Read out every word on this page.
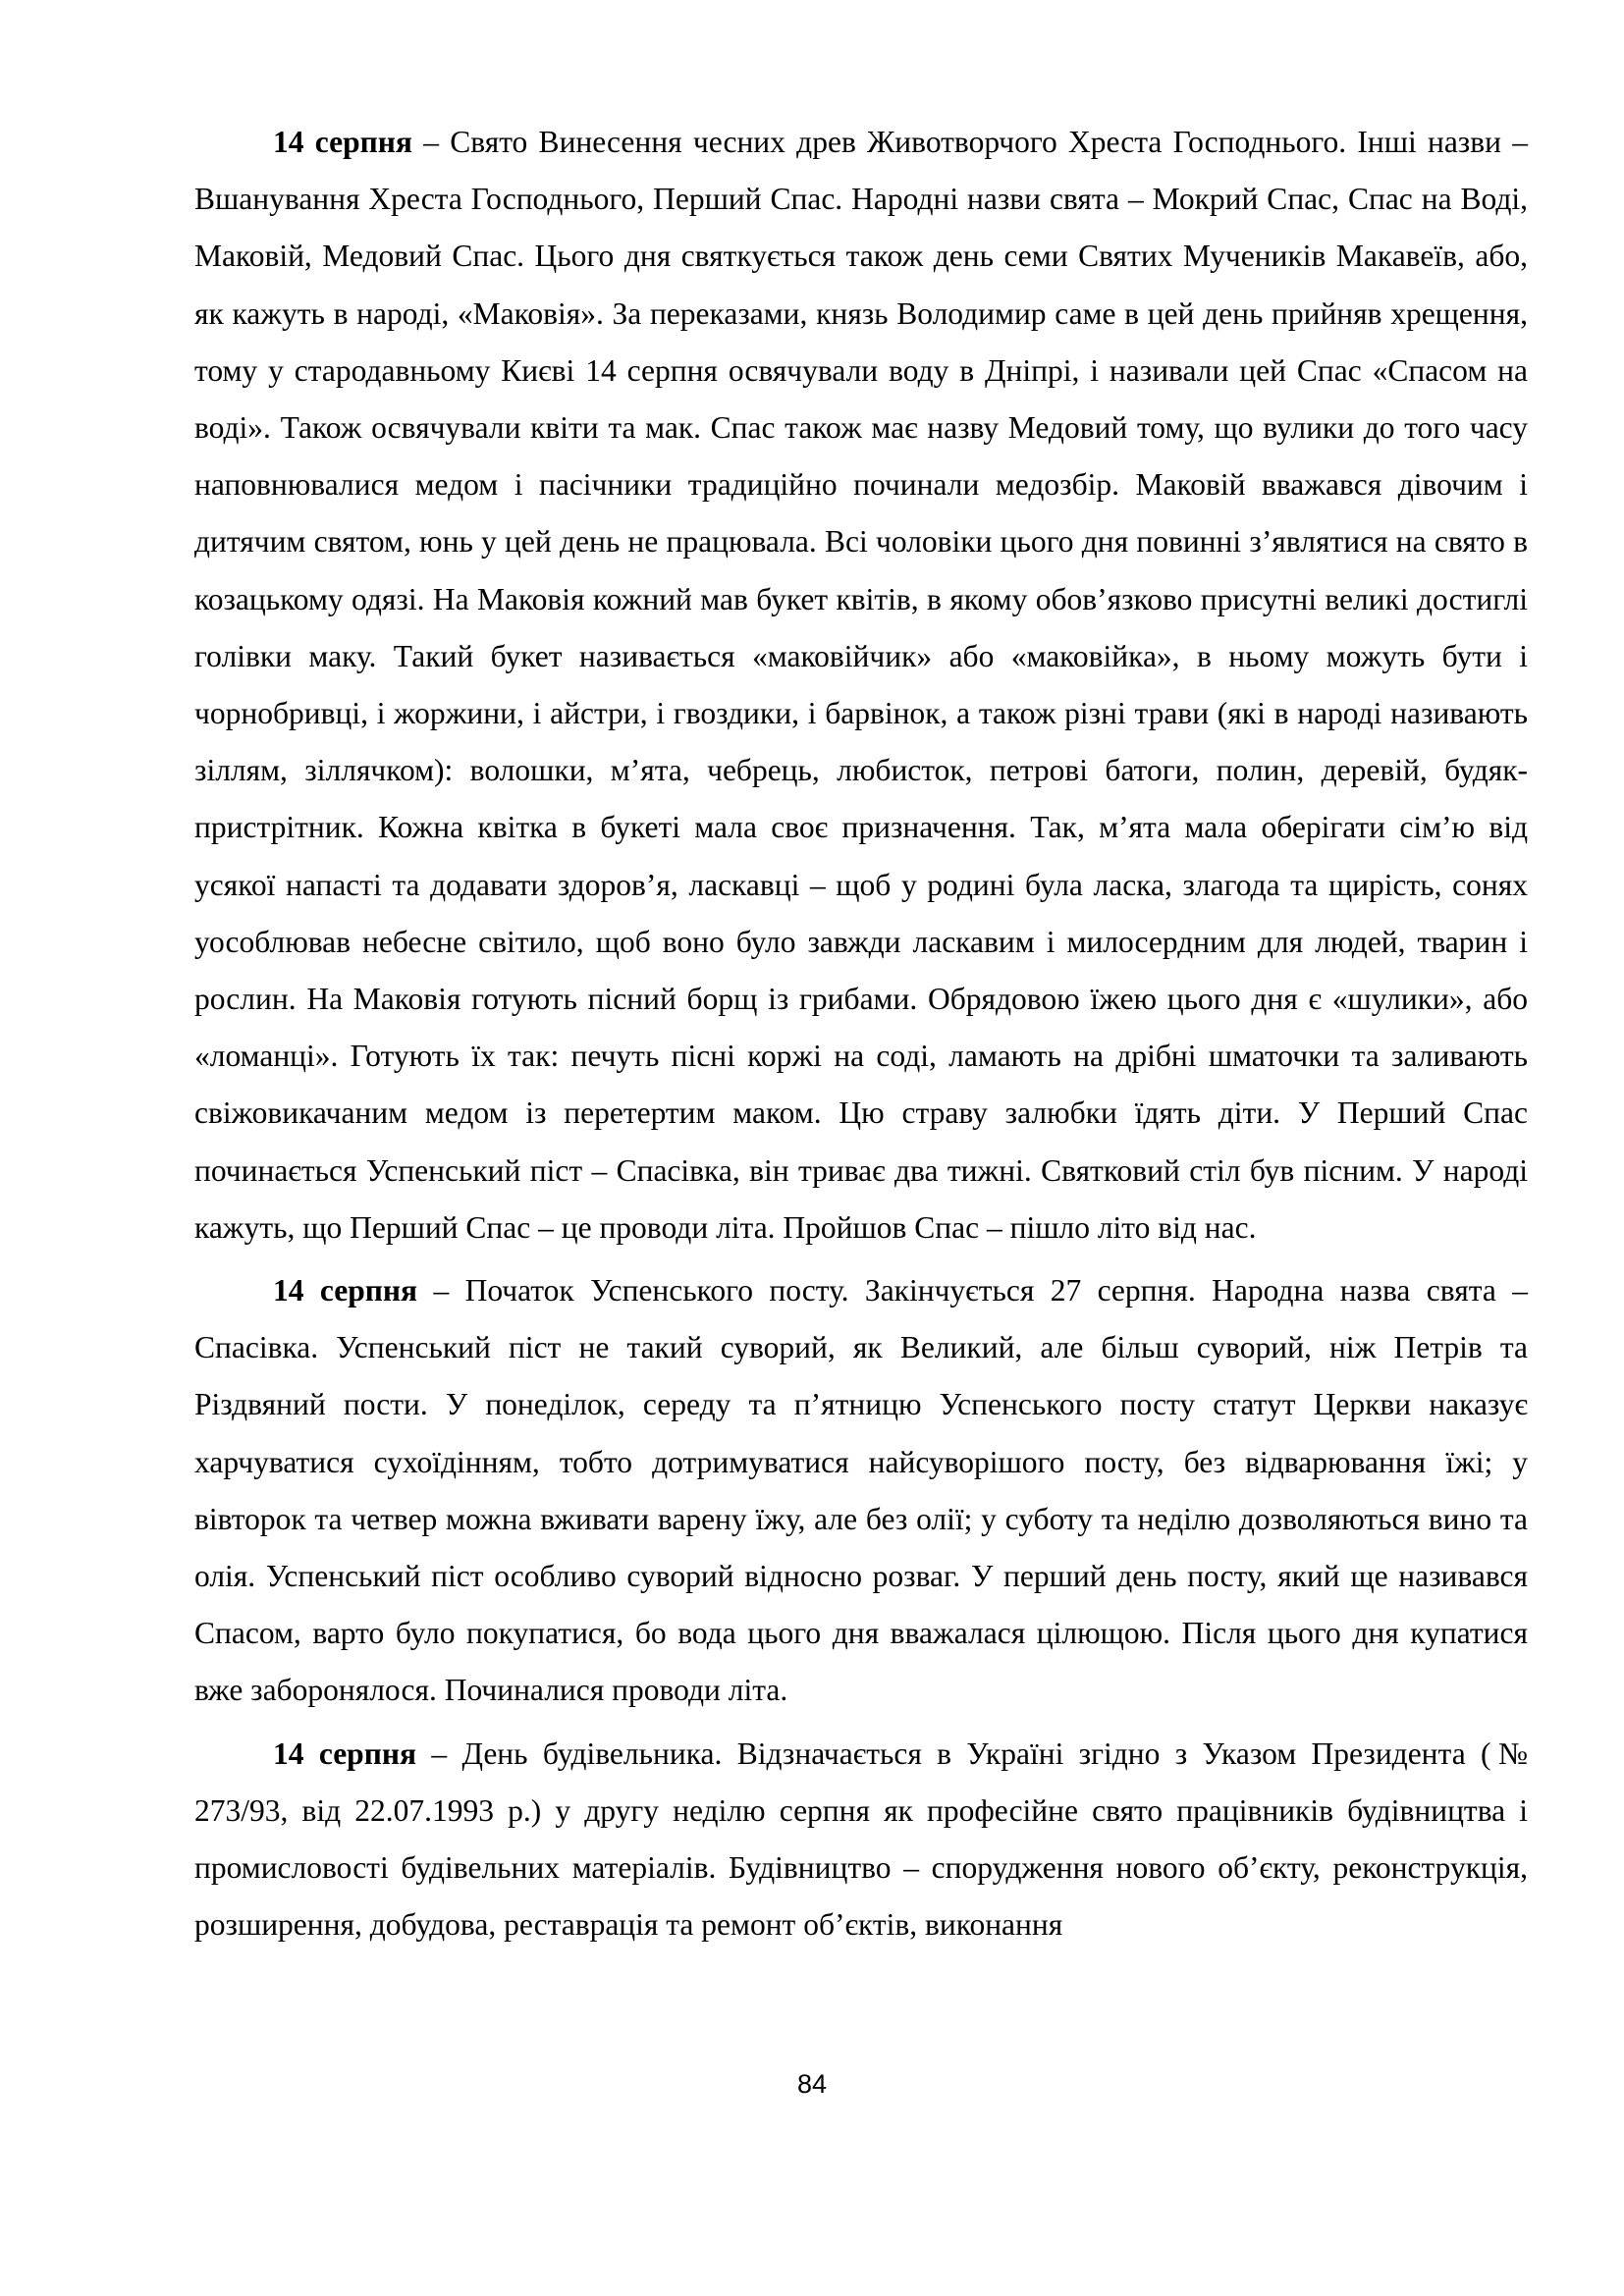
14 серпня – Свято Винесення чесних древ Животворчого Хреста Господнього. Інші назви – Вшанування Хреста Господнього, Перший Спас. Народні назви свята – Мокрий Спас, Спас на Воді, Маковій, Медовий Спас. Цього дня святкується також день семи Святих Мучеників Макавеїв, або, як кажуть в народі, «Маковія». За переказами, князь Володимир саме в цей день прийняв хрещення, тому у стародавньому Києві 14 серпня освячували воду в Дніпрі, і називали цей Спас «Спасом на воді». Також освячували квіти та мак. Спас також має назву Медовий тому, що вулики до того часу наповнювалися медом і пасічники традиційно починали медозбір. Маковій вважався дівочим і дитячим святом, юнь у цей день не працювала. Всі чоловіки цього дня повинні з’являтися на свято в козацькому одязі. На Маковія кожний мав букет квітів, в якому обов’язково присутні великі достиглі голівки маку. Такий букет називається «маковійчик» або «маковійка», в ньому можуть бути і чорнобривці, і жоржини, і айстри, і гвоздики, і барвінок, а також різні трави (які в народі називають зіллям, зіллячком): волошки, м’ята, чебрець, любисток, петрові батоги, полин, деревій, будяк-пристрітник. Кожна квітка в букеті мала своє призначення. Так, м’ята мала оберігати сім’ю від усякої напасті та додавати здоров’я, ласкавці – щоб у родині була ласка, злагода та щирість, сонях уособлював небесне світило, щоб воно було завжди ласкавим і милосердним для людей, тварин і рослин. На Маковія готують пісний борщ із грибами. Обрядовою їжею цього дня є «шулики», або «ломанці». Готують їх так: печуть пісні коржі на соді, ламають на дрібні шматочки та заливають свіжовикачаним медом із перетертим маком. Цю страву залюбки їдять діти. У Перший Спас починається Успенський піст – Спасівка, він триває два тижні. Святковий стіл був пісним. У народі кажуть, що Перший Спас – це проводи літа. Пройшов Спас – пішло літо від нас.

14 серпня – Початок Успенського посту. Закінчується 27 серпня. Народна назва свята – Спасівка. Успенський піст не такий суворий, як Великий, але більш суворий, ніж Петрів та Різдвяний пости. У понеділок, середу та п’ятницю Успенського посту статут Церкви наказує харчуватися сухоїдінням, тобто дотримуватися найсуворішого посту, без відварювання їжі; у вівторок та четвер можна вживати варену їжу, але без олії; у суботу та неділю дозволяються вино та олія. Успенський піст особливо суворий відносно розваг. У перший день посту, який ще називався Спасом, варто було покупатися, бо вода цього дня вважалася цілющою. Після цього дня купатися вже заборонялося. Починалися проводи літа.

14 серпня – День будівельника. Відзначається в Україні згідно з Указом Президента (№ 273/93, від 22.07.1993 р.) у другу неділю серпня як професійне свято працівників будівництва і промисловості будівельних матеріалів. Будівництво – спорудження нового об’єкту, реконструкція, розширення, добудова, реставрація та ремонт об’єктів, виконання

84
